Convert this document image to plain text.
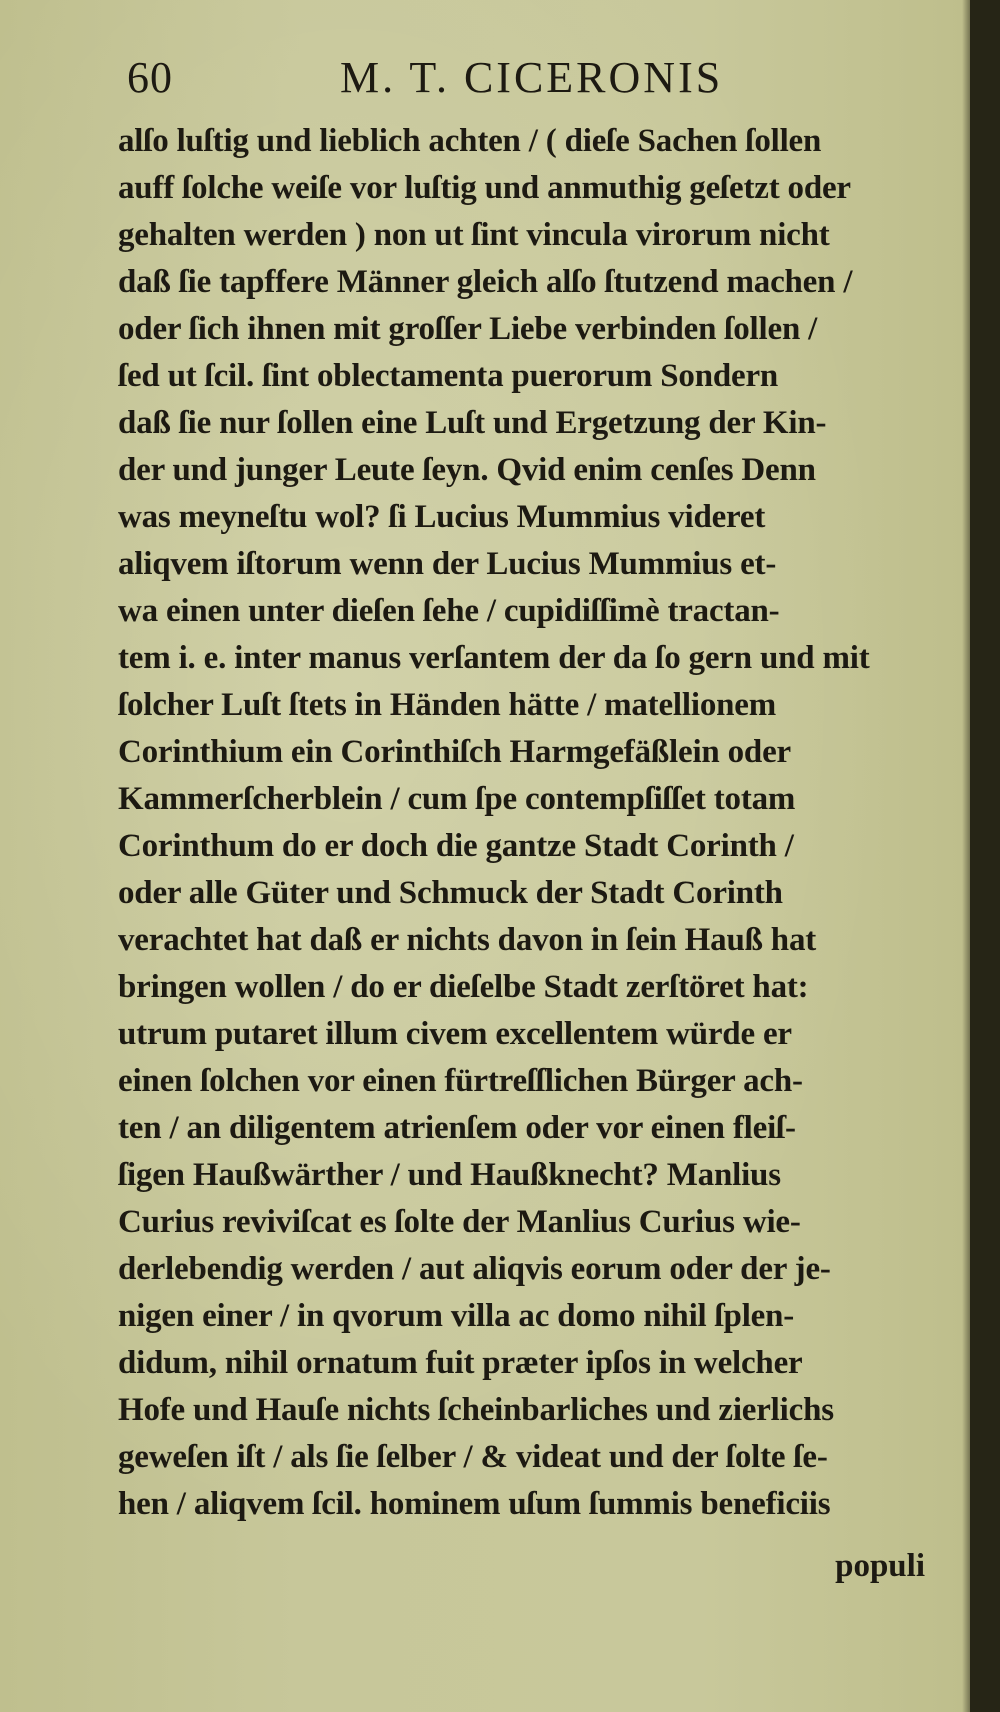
60	M. T. CICERONIS
alſo luſtig und lieblich achten / ( dieſe Sachen ſollen
auff ſolche weiſe vor luſtig und anmuthig geſetzt oder
gehalten werden ) non ut ſint vincula virorum nicht
daß ſie tapffere Männer gleich alſo ſtutzend machen /
oder ſich ihnen mit groſſer Liebe verbinden ſollen /
ſed ut ſcil. ſint oblectamenta puerorum Sondern
daß ſie nur ſollen eine Luſt und Ergetzung der Kin-
der und junger Leute ſeyn. Qvid enim cenſes Denn
was meyneſtu wol? ſi Lucius Mummius videret
aliqvem iſtorum wenn der Lucius Mummius et-
wa einen unter dieſen ſehe / cupidiſſimè tractan-
tem i. e. inter manus verſantem der da ſo gern und mit
ſolcher Luſt ſtets in Händen hätte / matellionem
Corinthium ein Corinthiſch Harmgefäßlein oder
Kammerſcherblein / cum ſpe contempſiſſet totam
Corinthum do er doch die gantze Stadt Corinth /
oder alle Güter und Schmuck der Stadt Corinth
verachtet hat daß er nichts davon in ſein Hauß hat
bringen wollen / do er dieſelbe Stadt zerſtöret hat:
utrum putaret illum civem excellentem würde er
einen ſolchen vor einen fürtreſſlichen Bürger ach-
ten / an diligentem atrienſem oder vor einen fleiſ-
ſigen Haußwärther / und Haußknecht? Manlius
Curius reviviſcat es ſolte der Manlius Curius wie-
derlebendig werden / aut aliqvis eorum oder der je-
nigen einer / in qvorum villa ac domo nihil ſplen-
didum, nihil ornatum fuit præter ipſos in welcher
Hofe und Hauſe nichts ſcheinbarliches und zierlichs
geweſen iſt / als ſie ſelber / & videat und der ſolte ſe-
hen / aliqvem ſcil. hominem uſum ſummis beneficiis
populi
